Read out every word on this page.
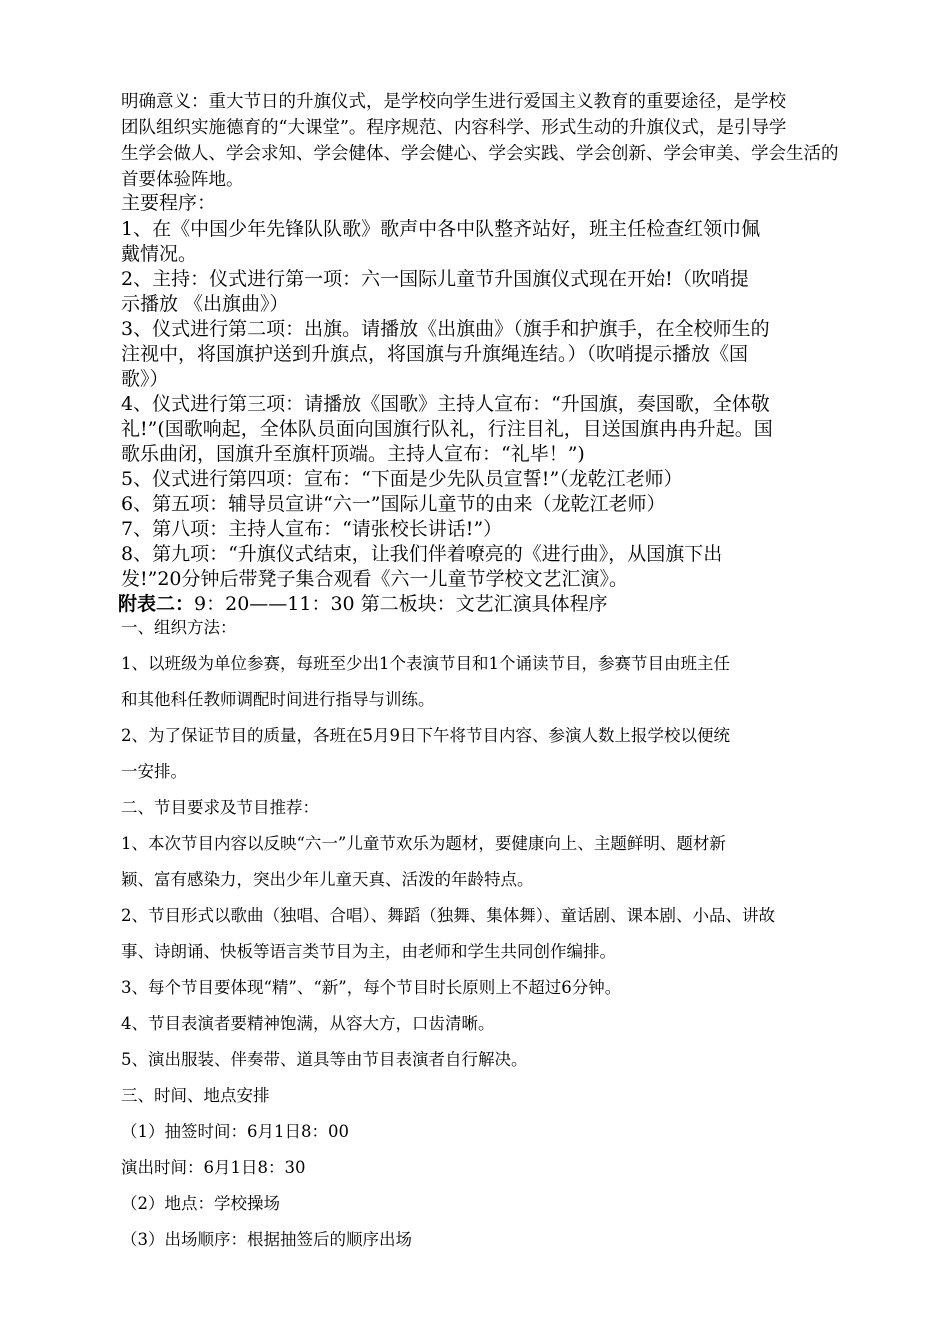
明确意义：重大节日的升旗仪式，是学校向学生进行爱国主义教育的重要途径，是学校
团队组织实施德育的“大课堂”。程序规范、内容科学、形式生动的升旗仪式，是引导学
生学会做人、学会求知、学会健体、学会健心、学会实践、学会创新、学会审美、学会生活的
首要体验阵地。
主要程序：
1、在《中国少年先锋队队歌》歌声中各中队整齐站好，班主任检查红领巾佩
戴情况。
2、主持：仪式进行第一项：六一国际儿童节升国旗仪式现在开始!（吹哨提
示播放 《出旗曲》）
3、仪式进行第二项：出旗。请播放《出旗曲》（旗手和护旗手，在全校师生的
注视中，将国旗护送到升旗点，将国旗与升旗绳连结。）（吹哨提示播放《国
歌》）
4、仪式进行第三项：请播放《国歌》主持人宣布：“升国旗，奏国歌，全体敬
礼!”(国歌响起，全体队员面向国旗行队礼，行注目礼，目送国旗冉冉升起。国
歌乐曲闭，国旗升至旗杆顶端。主持人宣布：“礼毕！”)
5、仪式进行第四项：宣布：“下面是少先队员宣誓!”（龙乾江老师）
6、第五项：辅导员宣讲“六一”国际儿童节的由来（龙乾江老师）
7、第八项：主持人宣布：“请张校长讲话!”）
8、第九项：“升旗仪式结束，让我们伴着嘹亮的《进行曲》，从国旗下出
发!”20分钟后带凳子集合观看《六一儿童节学校文艺汇演》。
附表二：9：20——11：30 第二板块：文艺汇演具体程序
一、组织方法：
1、以班级为单位参赛，每班至少出1个表演节目和1个诵读节目，参赛节目由班主任
和其他科任教师调配时间进行指导与训练。
2、为了保证节目的质量，各班在5月9日下午将节目内容、参演人数上报学校以便统
一安排。
二、节目要求及节目推荐：
1、本次节目内容以反映“六一”儿童节欢乐为题材，要健康向上、主题鲜明、题材新
颖、富有感染力，突出少年儿童天真、活泼的年龄特点。
2、节目形式以歌曲（独唱、合唱）、舞蹈（独舞、集体舞）、童话剧、课本剧、小品、讲故
事、诗朗诵、快板等语言类节目为主，由老师和学生共同创作编排。
3、每个节目要体现“精”、“新”，每个节目时长原则上不超过6分钟。
4、节目表演者要精神饱满，从容大方，口齿清晰。
5、演出服装、伴奏带、道具等由节目表演者自行解决。
三、时间、地点安排
（1）抽签时间：6月1日8：00
演出时间：6月1日8：30
（2）地点：学校操场
（3）出场顺序：根据抽签后的顺序出场
